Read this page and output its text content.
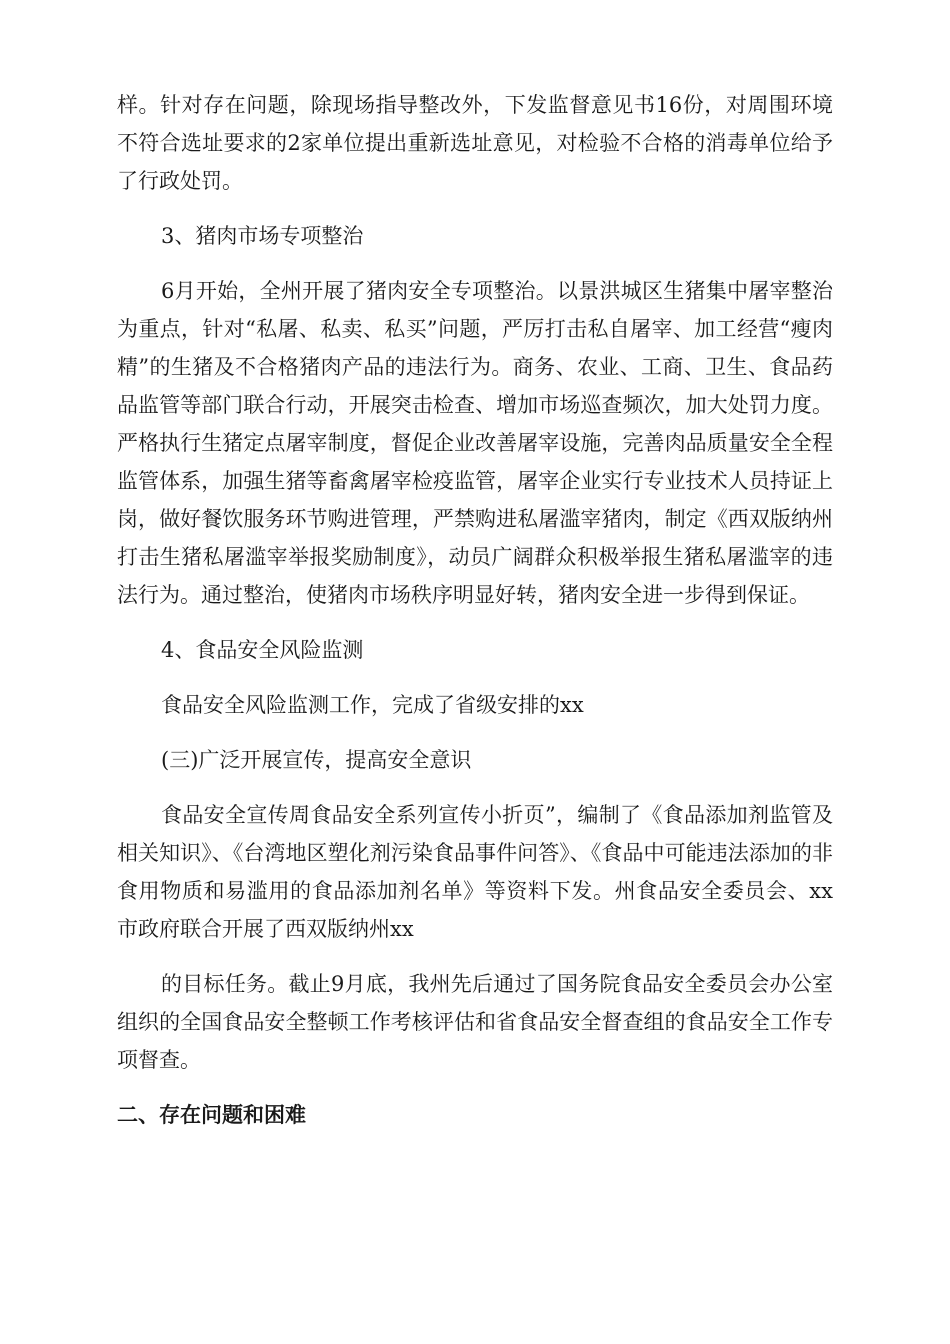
样。针对存在问题，除现场指导整改外，下发监督意见书16份，对周围环境不符合选址要求的2家单位提出重新选址意见，对检验不合格的消毒单位给予了行政处罚。

3、猪肉市场专项整治

6月开始，全州开展了猪肉安全专项整治。以景洪城区生猪集中屠宰整治为重点，针对“私屠、私卖、私买”问题，严厉打击私自屠宰、加工经营“瘦肉精”的生猪及不合格猪肉产品的违法行为。商务、农业、工商、卫生、食品药品监管等部门联合行动，开展突击检查、增加市场巡查频次，加大处罚力度。严格执行生猪定点屠宰制度，督促企业改善屠宰设施，完善肉品质量安全全程监管体系，加强生猪等畜禽屠宰检疫监管，屠宰企业实行专业技术人员持证上岗，做好餐饮服务环节购进管理，严禁购进私屠滥宰猪肉，制定《西双版纳州打击生猪私屠滥宰举报奖励制度》，动员广阔群众积极举报生猪私屠滥宰的违法行为。通过整治，使猪肉市场秩序明显好转，猪肉安全进一步得到保证。

4、食品安全风险监测

食品安全风险监测工作，完成了省级安排的xx

(三)广泛开展宣传，提高安全意识

食品安全宣传周食品安全系列宣传小折页”，编制了《食品添加剂监管及相关知识》、《台湾地区塑化剂污染食品事件问答》、《食品中可能违法添加的非食用物质和易滥用的食品添加剂名单》等资料下发。州食品安全委员会、xx市政府联合开展了西双版纳州xx

的目标任务。截止9月底，我州先后通过了国务院食品安全委员会办公室组织的全国食品安全整顿工作考核评估和省食品安全督查组的食品安全工作专项督查。

二、存在问题和困难
